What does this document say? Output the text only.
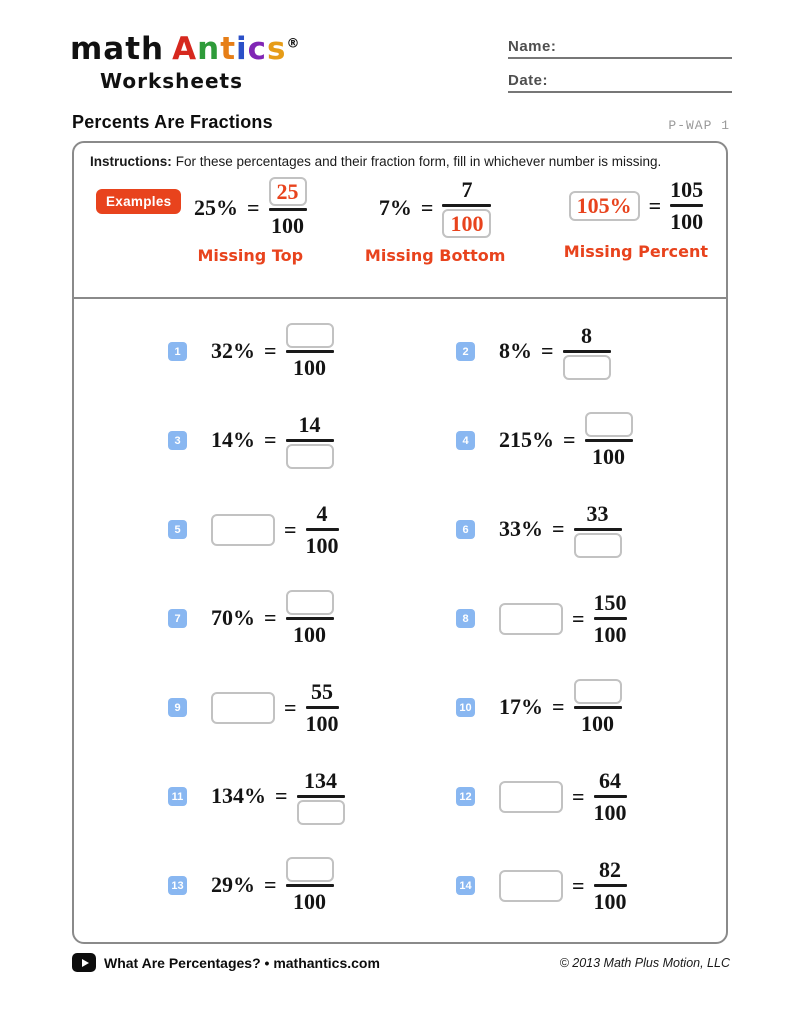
math Antics®
Worksheets
Name:
Date:
Percents Are Fractions	P-WAP 1
Instructions: For these percentages and their fraction form, fill in whichever number is missing.
Examples	$25\% = \frac{25}{100}$
Missing Top
$7\% = \frac{7}{100}$
Missing Bottom
$105\% = \frac{105}{100}$
Missing Percent
1 32% =
100
2 8% =
8
3 14% =
14
4 215% =
100
5	= $\frac{4}{100}$	6 33% =
33
7 70% =
100
8	= $\frac{150}{100}$
9	= $\frac{55}{100}$	10 17% =
100
11 134% =
134
12	= $\frac{64}{100}$
13 29% =
100
14	= $\frac{82}{100}$
What Are Percentages? • mathantics.com	© 2013 Math Plus Motion, LLC
